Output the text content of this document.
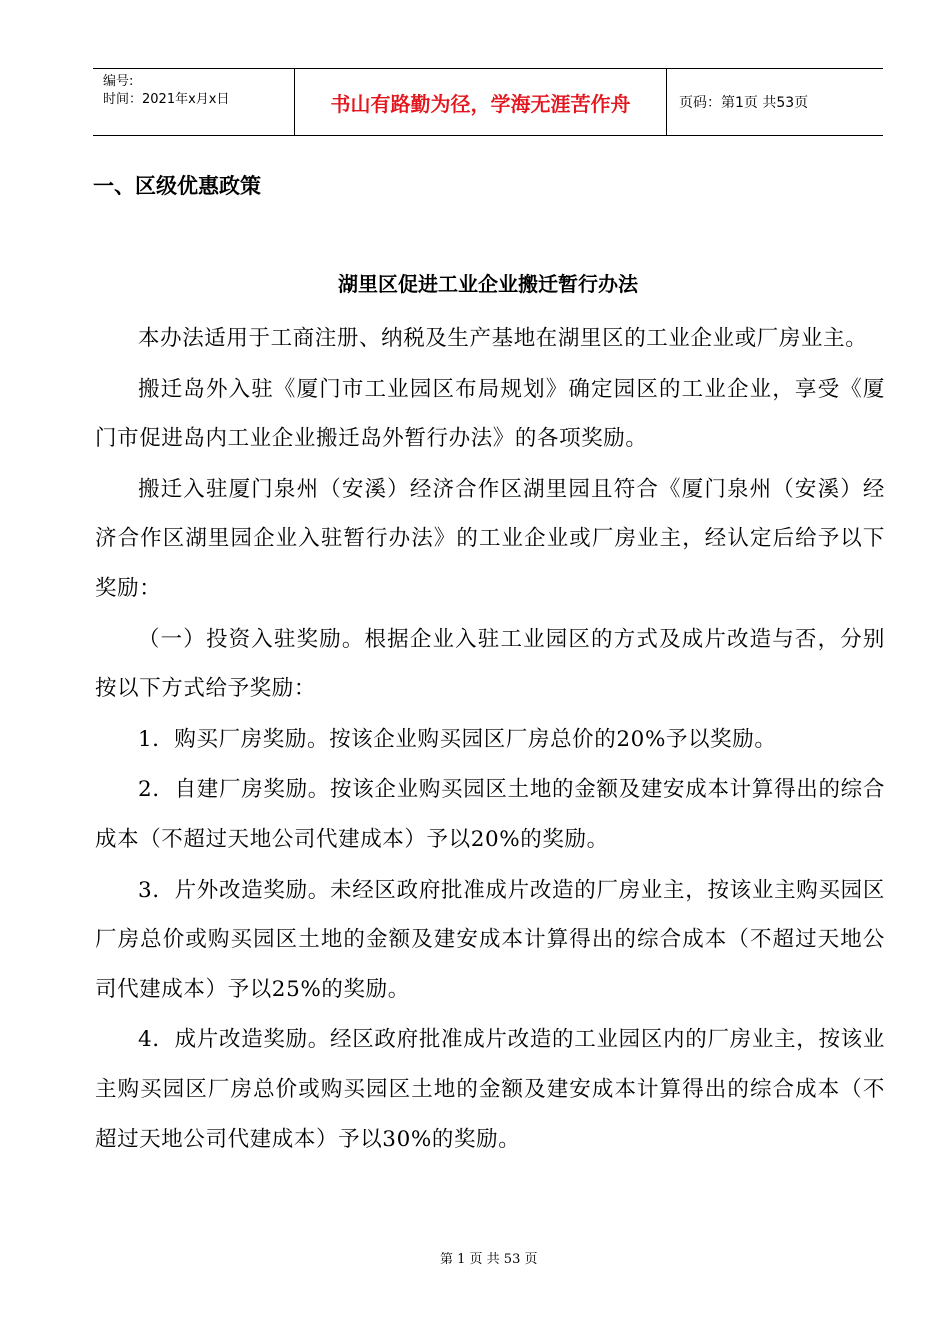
编号:
时间：2021年x月x日	书山有路勤为径，学海无涯苦作舟	页码：第1页 共53页
一、区级优惠政策
湖里区促进工业企业搬迁暂行办法

本办法适用于工商注册、纳税及生产基地在湖里区的工业企业或厂房业主。

搬迁岛外入驻《厦门市工业园区布局规划》确定园区的工业企业，享受《厦门市促进岛内工业企业搬迁岛外暂行办法》的各项奖励。

搬迁入驻厦门泉州（安溪）经济合作区湖里园且符合《厦门泉州（安溪）经济合作区湖里园企业入驻暂行办法》的工业企业或厂房业主，经认定后给予以下奖励：

（一）投资入驻奖励。根据企业入驻工业园区的方式及成片改造与否，分别按以下方式给予奖励：

1．购买厂房奖励。按该企业购买园区厂房总价的20%予以奖励。

2．自建厂房奖励。按该企业购买园区土地的金额及建安成本计算得出的综合成本（不超过天地公司代建成本）予以20%的奖励。

3．片外改造奖励。未经区政府批准成片改造的厂房业主，按该业主购买园区厂房总价或购买园区土地的金额及建安成本计算得出的综合成本（不超过天地公司代建成本）予以25%的奖励。

4．成片改造奖励。经区政府批准成片改造的工业园区内的厂房业主，按该业主购买园区厂房总价或购买园区土地的金额及建安成本计算得出的综合成本（不超过天地公司代建成本）予以30%的奖励。

第 1 页 共 53 页
